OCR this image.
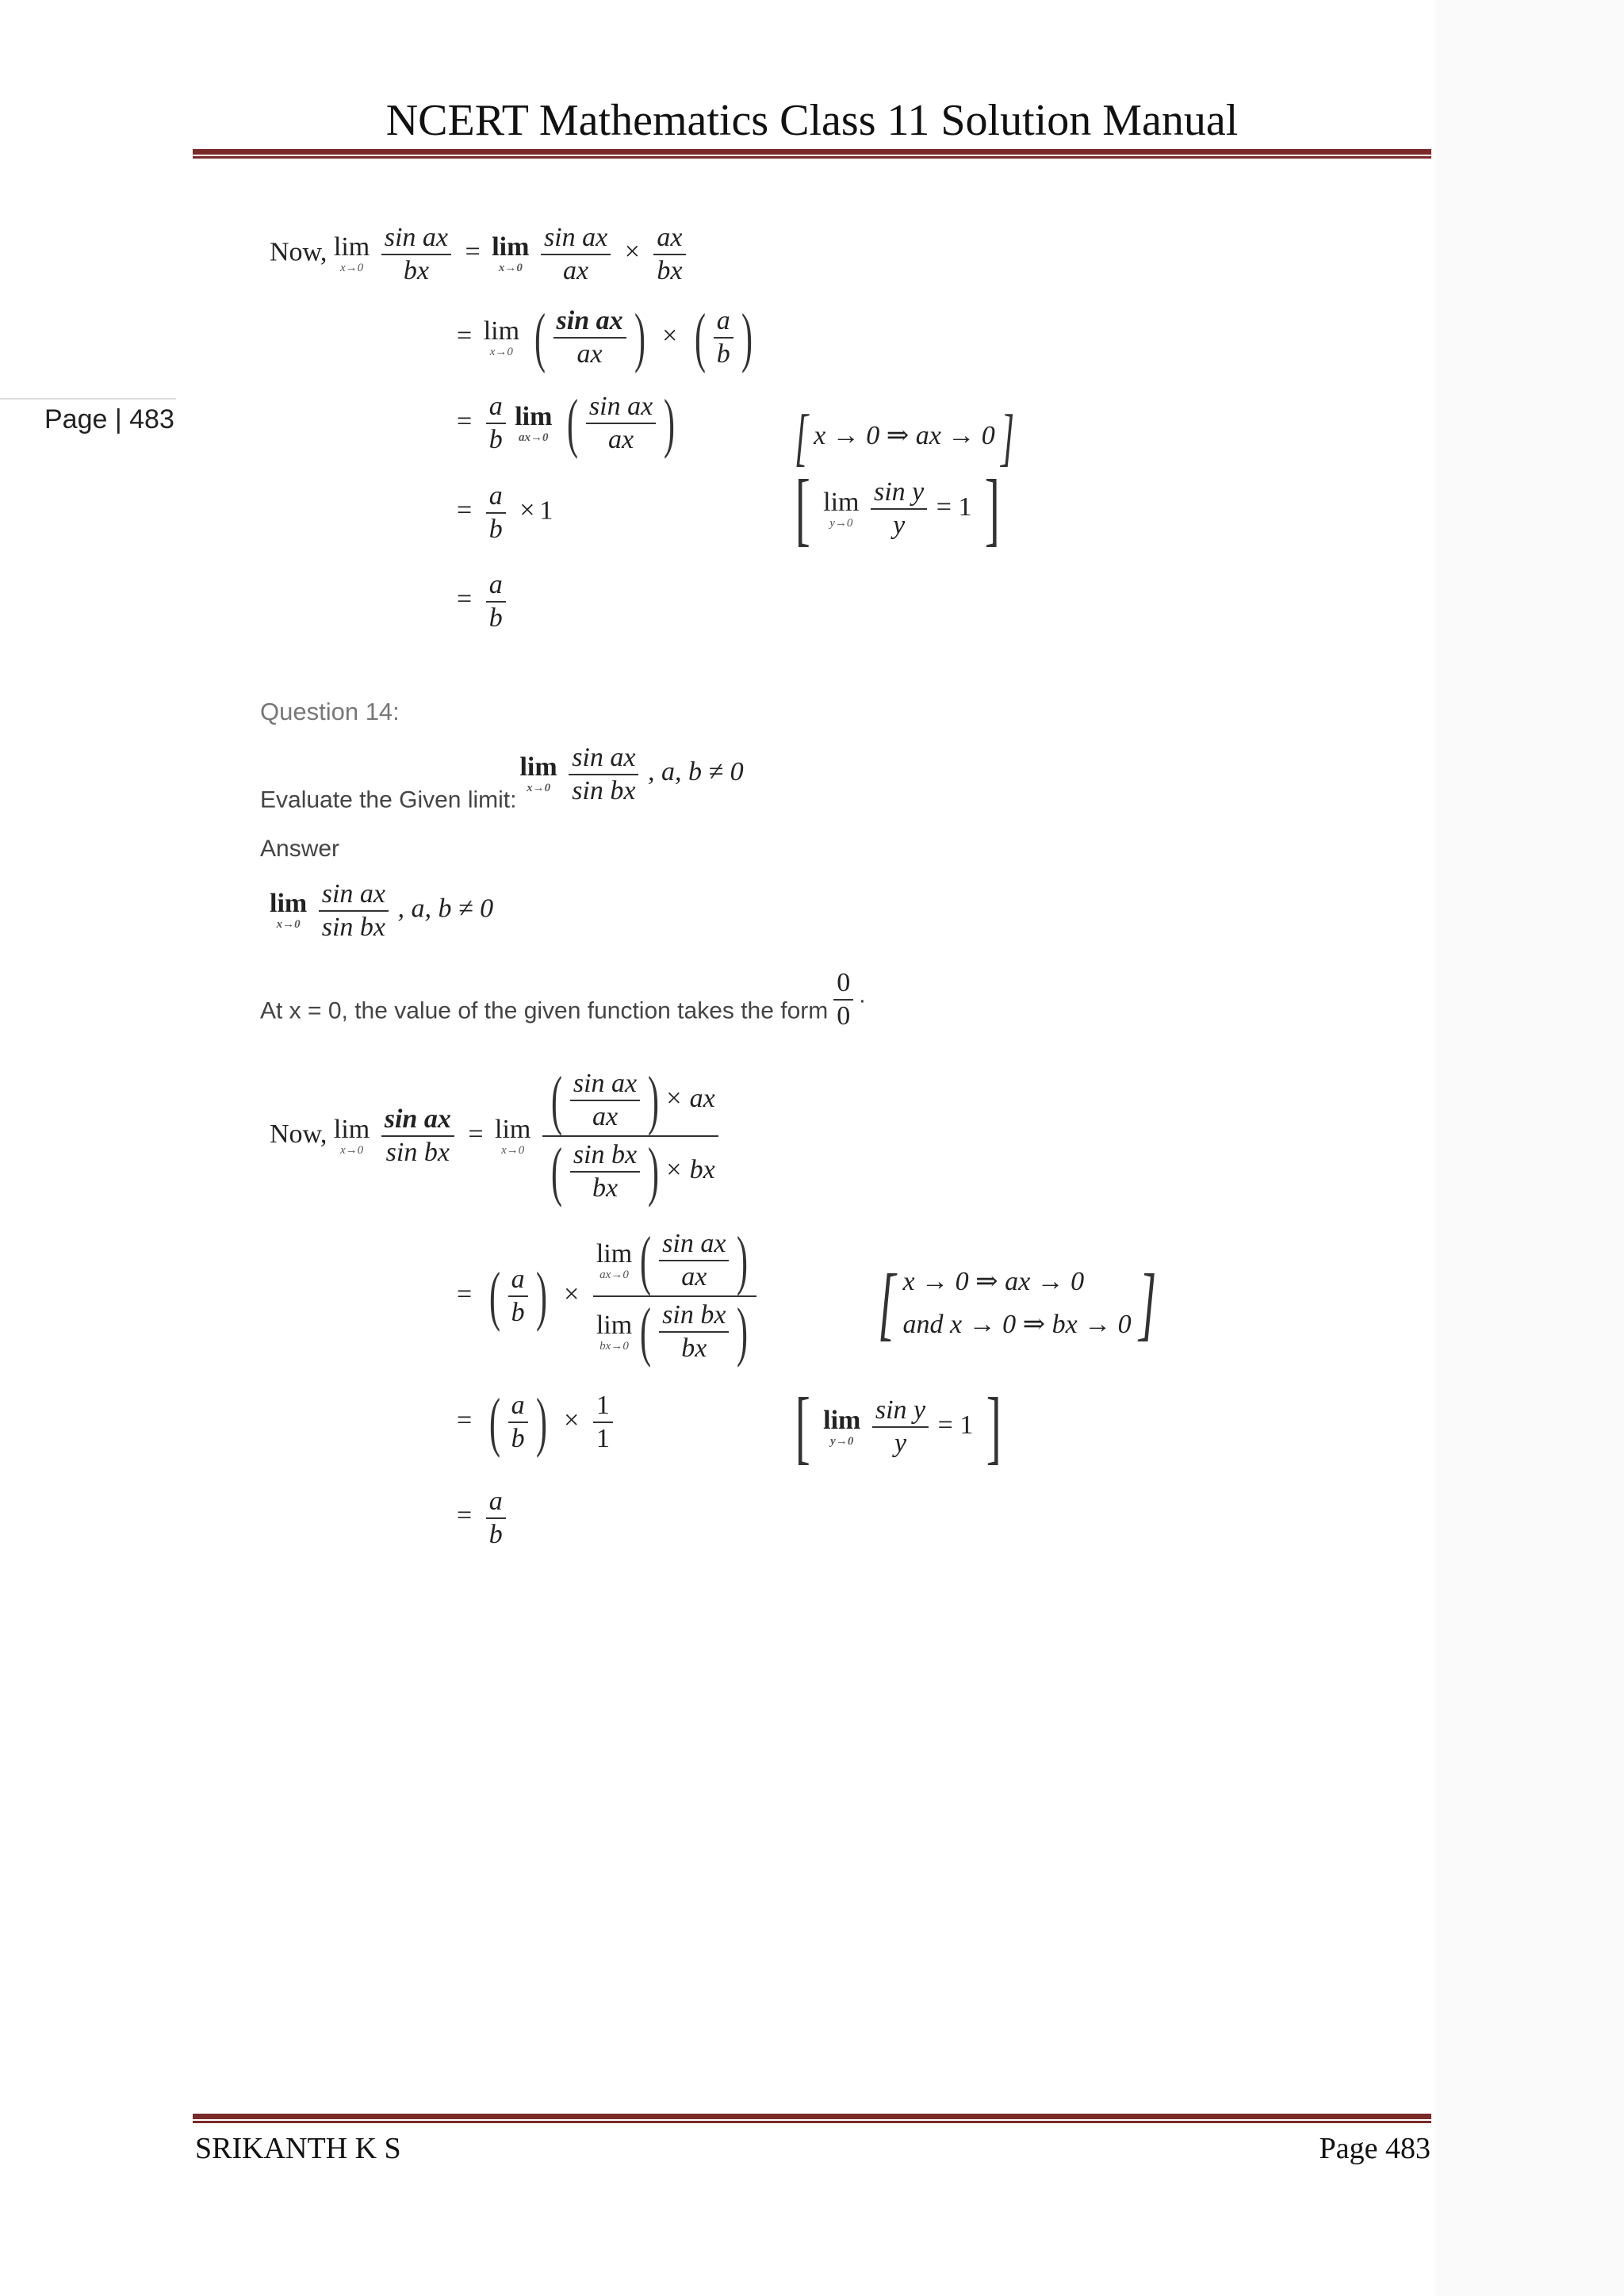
NCERT Mathematics Class 11 Solution Manual
Page | 483
Now, lim
x→0
$\frac{\text{sin ax}}{bx} = \lim$
x→0
$\frac{\text{sin ax}}{ax} \times \frac{ax}{bx}$
= lim
x→0 ( $\frac{\text{sin ax}}{ax}$ ) × ( $\frac{a}{b}$ )
= $\frac{a}{b}$
lim
ax→0 ( $\frac{\text{sin ax}}{ax}$ ) [ x → 0 ⇒ ax → 0]
= $\frac{a}{b} \times 1$	[ lim
y→0
$\frac{\text{sin y}}{y} = 1$ ]
= $\frac{a}{b}$
Question 14:
Evaluate the Given limit:
lim
x→0
$\frac{\text{sin ax}}{\text{sin bx}}$ , a, b ≠ 0
Answer
lim
x→0
$\frac{\text{sin ax}}{\text{sin bx}}$ , a, b ≠ 0
At x = 0, the value of the given function takes the form $\frac{0}{0}$ .
Now, lim
x→0
$\frac{\text{sin ax}}{\text{sin bx}} = \lim$
x→0
$\frac{( \frac{\text{sin ax}}{ax} ) \times ax}{( \frac{\text{sin bx}}{bx} ) \times bx}$
= ( $\frac{a}{b}$ ) × lim
ax→0 ( $\frac{\text{sin ax}}{ax}$ )
lim
bx→0 ( $\frac{\text{sin bx}}{bx}$ ) [ x → 0 ⇒ ax → 0
and x → 0 ⇒ bx → 0 ]
= ( $\frac{a}{b}$ ) × $\frac{1}{1}$ [ lim
y→0
$\frac{\text{sin y}}{y} = 1$ ]
= $\frac{a}{b}$
SRIKANTH K S	Page 483
